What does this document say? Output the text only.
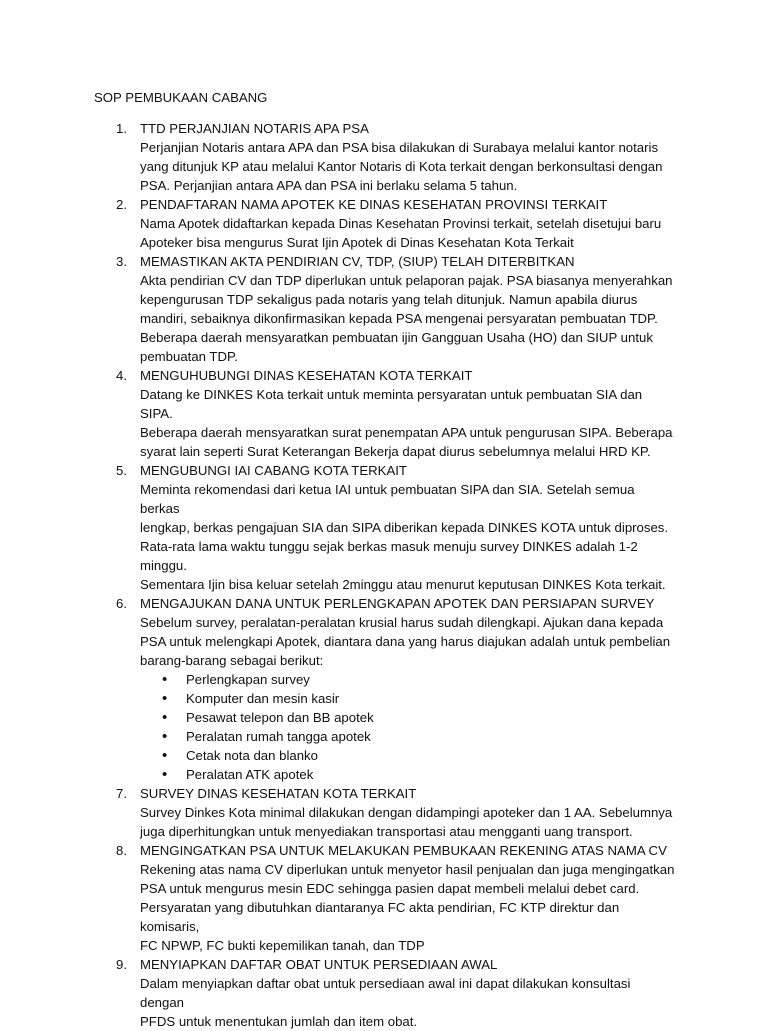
SOP PEMBUKAAN CABANG
1. TTD PERJANJIAN NOTARIS APA PSA
Perjanjian Notaris antara APA dan PSA bisa dilakukan di Surabaya melalui kantor notaris
yang ditunjuk KP atau melalui Kantor Notaris di Kota terkait dengan berkonsultasi dengan
PSA. Perjanjian antara APA dan PSA ini berlaku selama 5 tahun.
2. PENDAFTARAN NAMA APOTEK KE DINAS KESEHATAN PROVINSI TERKAIT
Nama Apotek didaftarkan kepada Dinas Kesehatan Provinsi terkait, setelah disetujui baru
Apoteker bisa mengurus Surat Ijin Apotek di Dinas Kesehatan Kota Terkait
3. MEMASTIKAN AKTA PENDIRIAN CV, TDP, (SIUP) TELAH DITERBITKAN
Akta pendirian CV dan TDP diperlukan untuk pelaporan pajak. PSA biasanya menyerahkan
kepengurusan TDP sekaligus pada notaris yang telah ditunjuk. Namun apabila diurus
mandiri, sebaiknya dikonfirmasikan kepada PSA mengenai persyaratan pembuatan TDP.
Beberapa daerah mensyaratkan pembuatan ijin Gangguan Usaha (HO) dan SIUP untuk
pembuatan TDP.
4. MENGUHUBUNGI DINAS KESEHATAN KOTA TERKAIT
Datang ke DINKES Kota terkait untuk meminta persyaratan untuk pembuatan SIA dan SIPA.
Beberapa daerah mensyaratkan surat penempatan APA untuk pengurusan SIPA. Beberapa
syarat lain seperti Surat Keterangan Bekerja dapat diurus sebelumnya melalui HRD KP.
5. MENGUBUNGI IAI CABANG KOTA TERKAIT
Meminta rekomendasi dari ketua IAI untuk pembuatan SIPA dan SIA. Setelah semua berkas
lengkap, berkas pengajuan SIA dan SIPA diberikan kepada DINKES KOTA untuk diproses.
Rata-rata lama waktu tunggu sejak berkas masuk menuju survey DINKES adalah 1-2 minggu.
Sementara Ijin bisa keluar setelah 2minggu atau menurut keputusan DINKES Kota terkait.
6. MENGAJUKAN DANA UNTUK PERLENGKAPAN APOTEK DAN PERSIAPAN SURVEY
Sebelum survey, peralatan-peralatan krusial harus sudah dilengkapi. Ajukan dana kepada
PSA untuk melengkapi Apotek, diantara dana yang harus diajukan adalah untuk pembelian
barang-barang sebagai berikut:
• Perlengkapan survey
• Komputer dan mesin kasir
• Pesawat telepon dan BB apotek
• Peralatan rumah tangga apotek
• Cetak nota dan blanko
• Peralatan ATK apotek
7. SURVEY DINAS KESEHATAN KOTA TERKAIT
Survey Dinkes Kota minimal dilakukan dengan didampingi apoteker dan 1 AA. Sebelumnya
juga diperhitungkan untuk menyediakan transportasi atau mengganti uang transport.
8. MENGINGATKAN PSA UNTUK MELAKUKAN PEMBUKAAN REKENING ATAS NAMA CV
Rekening atas nama CV diperlukan untuk menyetor hasil penjualan dan juga mengingatkan
PSA untuk mengurus mesin EDC sehingga pasien dapat membeli melalui debet card.
Persyaratan yang dibutuhkan diantaranya FC akta pendirian, FC KTP direktur dan komisaris,
FC NPWP, FC bukti kepemilikan tanah, dan TDP
9. MENYIAPKAN DAFTAR OBAT UNTUK PERSEDIAAN AWAL
Dalam menyiapkan daftar obat untuk persediaan awal ini dapat dilakukan konsultasi dengan
PFDS untuk menentukan jumlah dan item obat.
